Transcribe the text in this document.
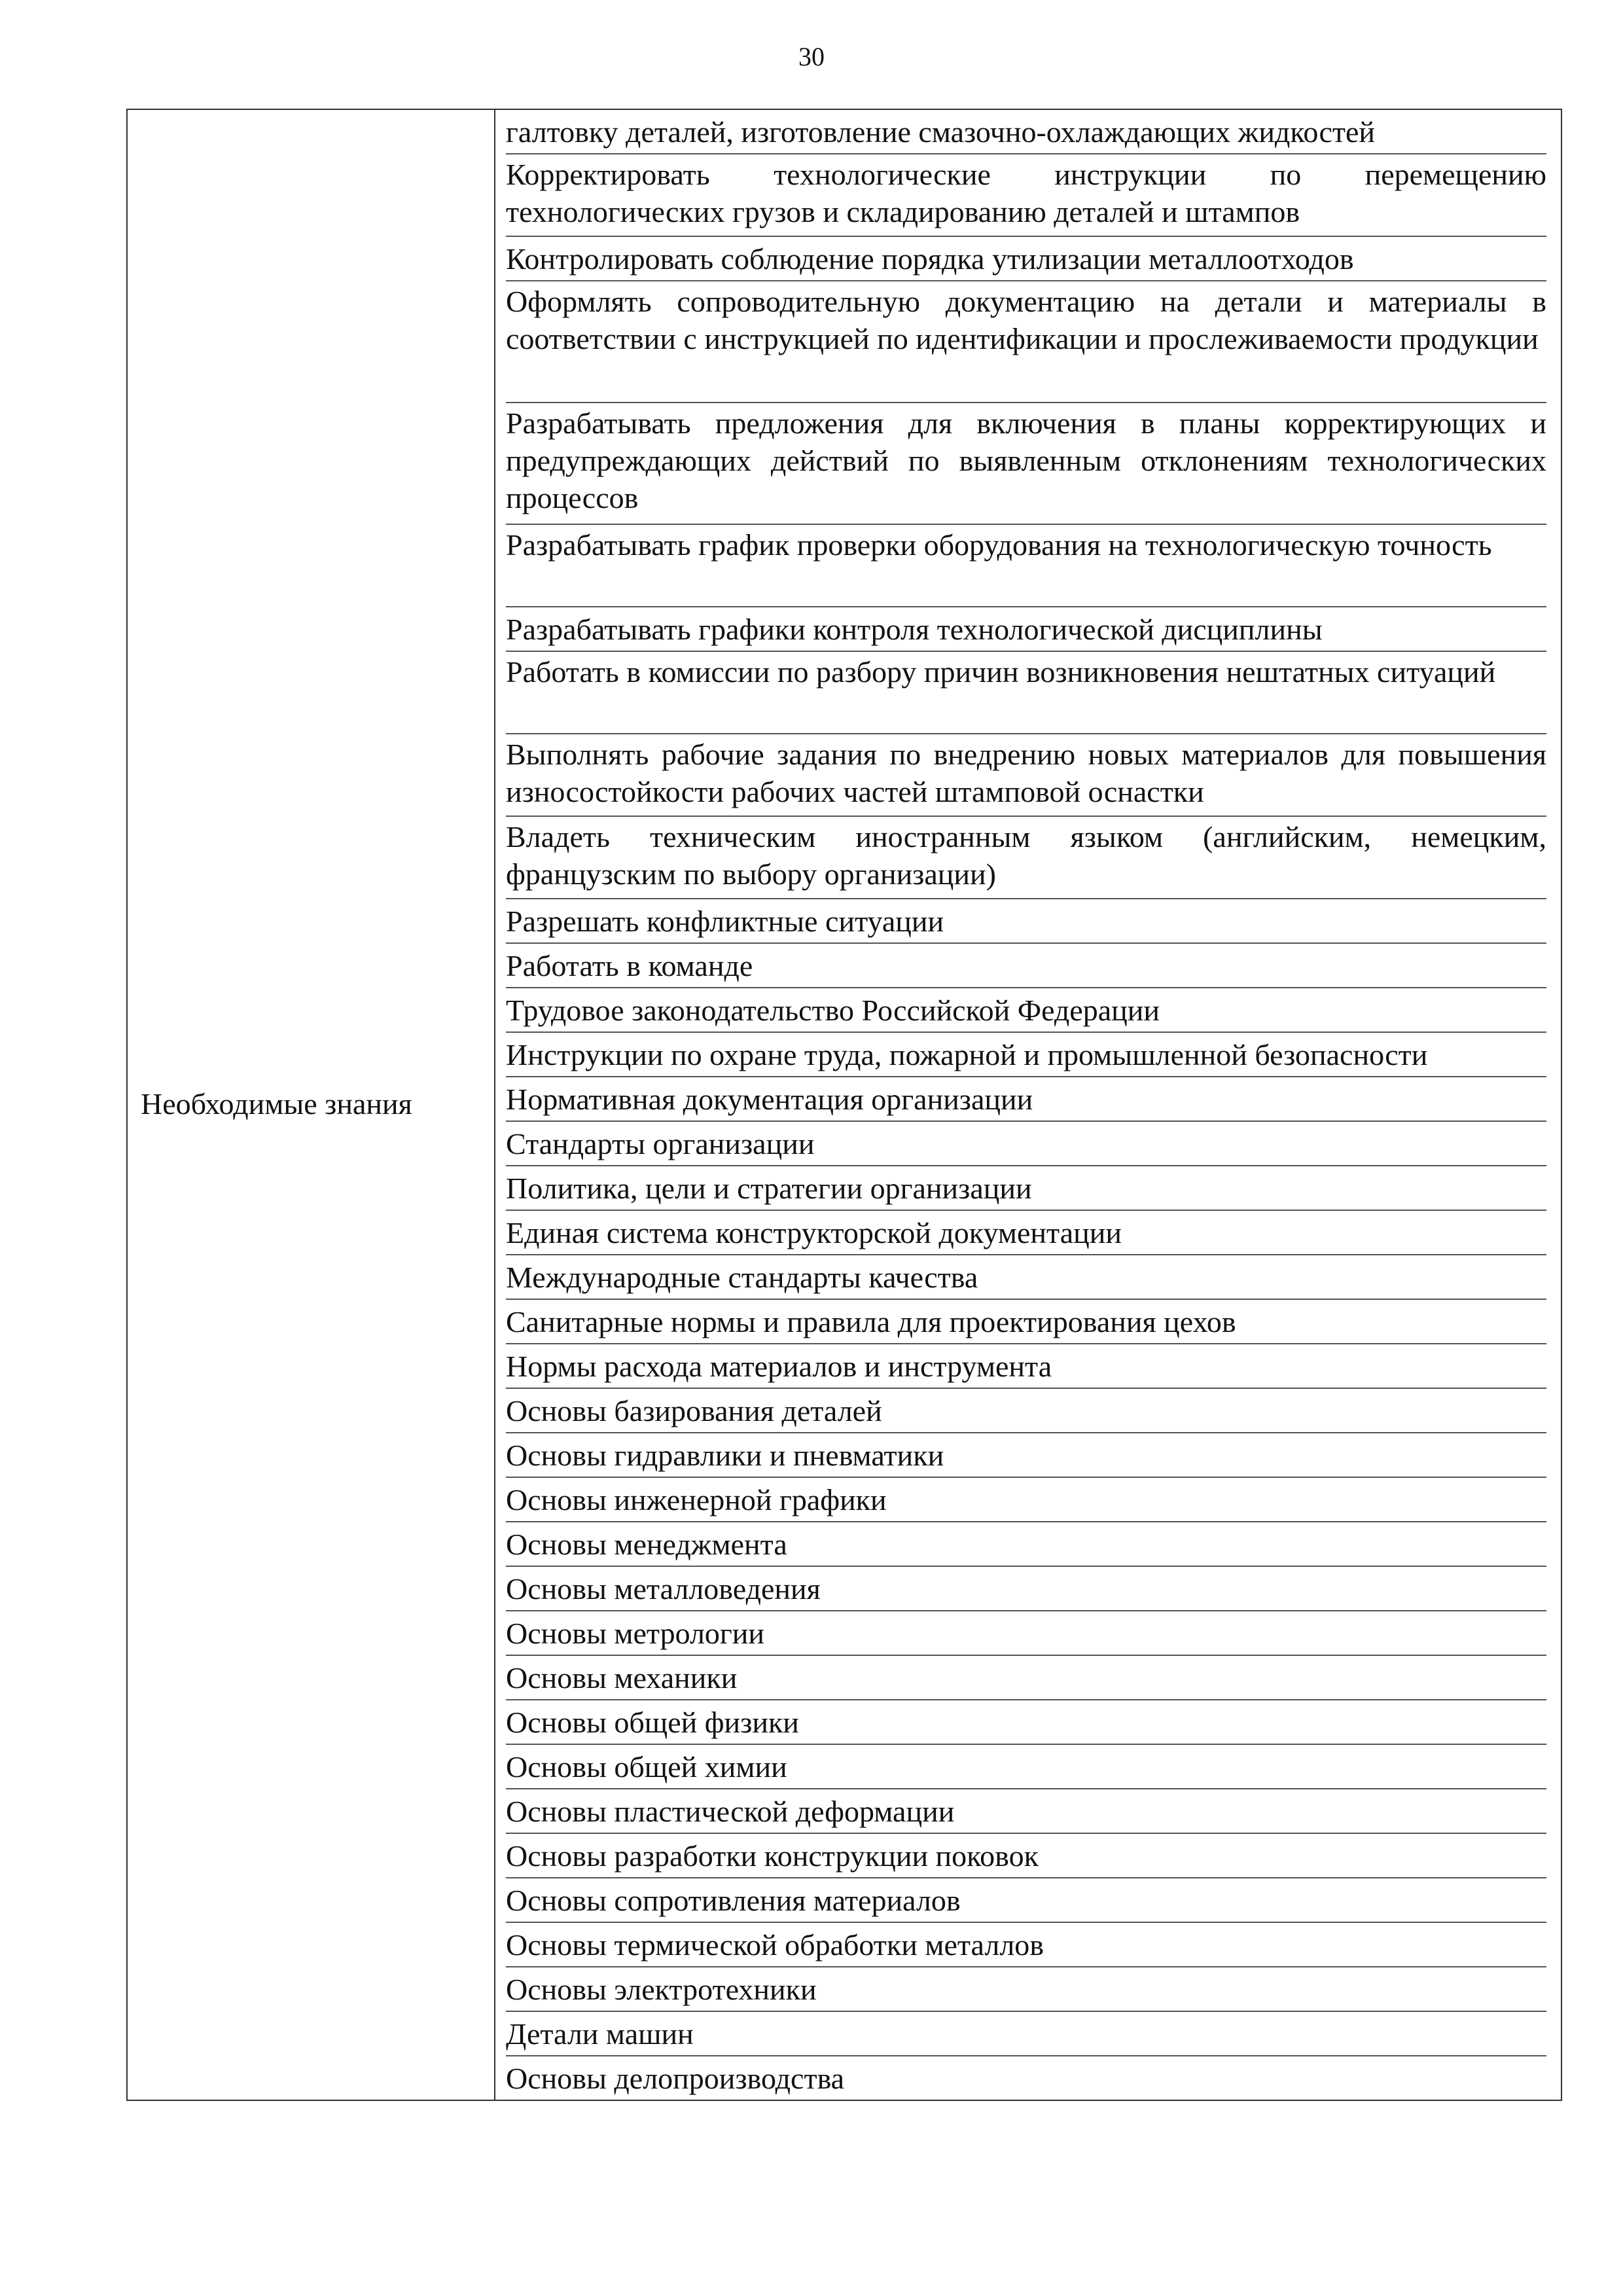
30
Необходимые знания
галтовку деталей, изготовление смазочно-охлаждающих жидкостей
Корректировать технологические инструкции по перемещению технологических грузов и складированию деталей и штампов
Контролировать соблюдение порядка утилизации металлоотходов
Оформлять сопроводительную документацию на детали и материалы в соответствии с инструкцией по идентификации и прослеживаемости продукции
Разрабатывать предложения для включения в планы корректирующих и предупреждающих действий по выявленным отклонениям технологических процессов
Разрабатывать график проверки оборудования на технологическую точность
Разрабатывать графики контроля технологической дисциплины
Работать в комиссии по разбору причин возникновения нештатных ситуаций
Выполнять рабочие задания по внедрению новых материалов для повышения износостойкости рабочих частей штамповой оснастки
Владеть техническим иностранным языком (английским, немецким, французским по выбору организации)
Разрешать конфликтные ситуации
Работать в команде
Трудовое законодательство Российской Федерации
Инструкции по охране труда, пожарной и промышленной безопасности
Нормативная документация организации
Стандарты организации
Политика, цели и стратегии организации
Единая система конструкторской документации
Международные стандарты качества
Санитарные нормы и правила для проектирования цехов
Нормы расхода материалов и инструмента
Основы базирования деталей
Основы гидравлики и пневматики
Основы инженерной графики
Основы менеджмента
Основы металловедения
Основы метрологии
Основы механики
Основы общей физики
Основы общей химии
Основы пластической деформации
Основы разработки конструкции поковок
Основы сопротивления материалов
Основы термической обработки металлов
Основы электротехники
Детали машин
Основы делопроизводства
